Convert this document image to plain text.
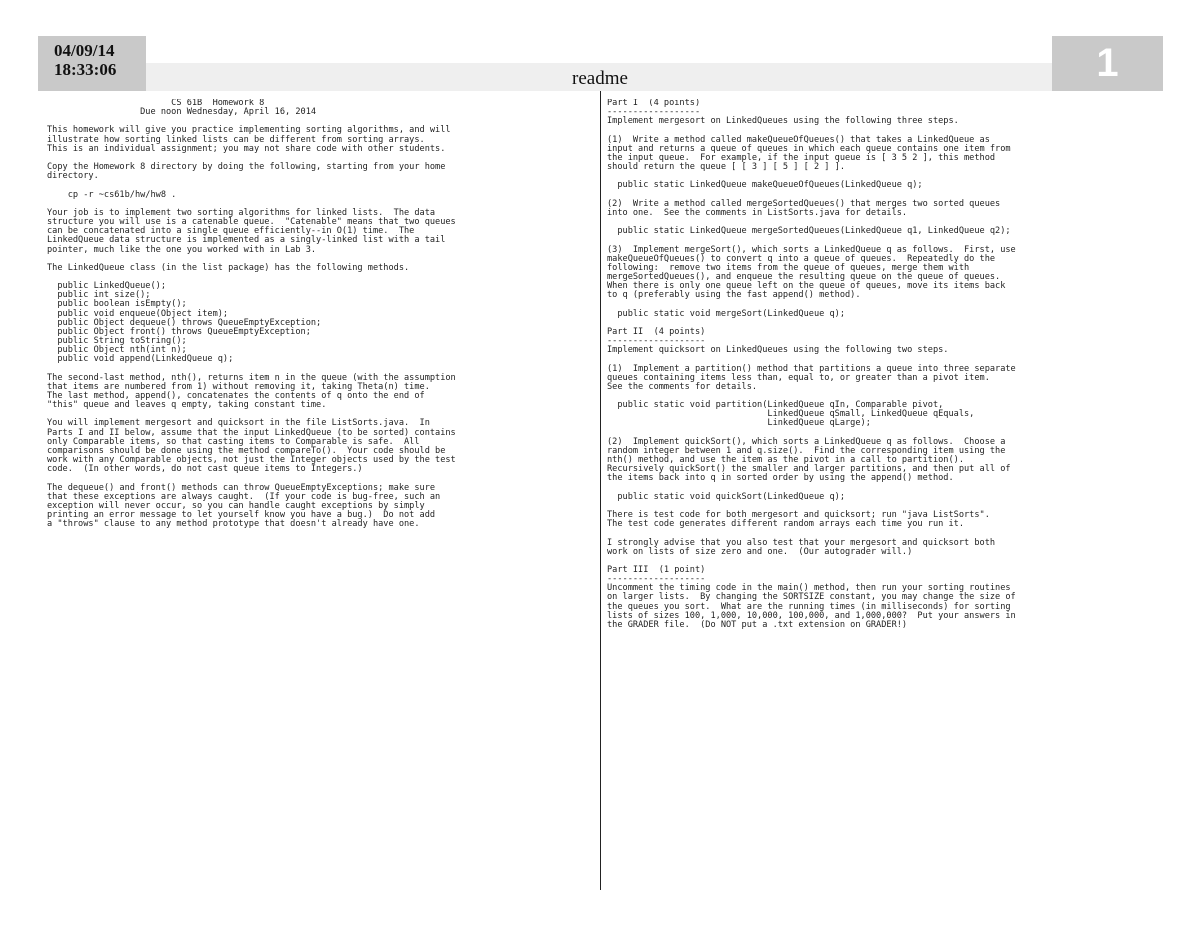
04/09/14
18:33:06	readme	1
CS 61B  Homework 8
Due noon Wednesday, April 16, 2014

This homework will give you practice implementing sorting algorithms, and will
illustrate how sorting linked lists can be different from sorting arrays.
This is an individual assignment; you may not share code with other students.

Copy the Homework 8 directory by doing the following, starting from your home
directory.

cp -r ~cs61b/hw/hw8 .

Your job is to implement two sorting algorithms for linked lists.  The data
structure you will use is a catenable queue.  "Catenable" means that two queues
can be concatenated into a single queue efficiently--in O(1) time.  The
LinkedQueue data structure is implemented as a singly-linked list with a tail
pointer, much like the one you worked with in Lab 3.

The LinkedQueue class (in the list package) has the following methods.

public LinkedQueue();
public int size();
public boolean isEmpty();
public void enqueue(Object item);
public Object dequeue() throws QueueEmptyException;
public Object front() throws QueueEmptyException;
public String toString();
public Object nth(int n);
public void append(LinkedQueue q);

The second-last method, nth(), returns item n in the queue (with the assumption
that items are numbered from 1) without removing it, taking Theta(n) time.
The last method, append(), concatenates the contents of q onto the end of
"this" queue and leaves q empty, taking constant time.

You will implement mergesort and quicksort in the file ListSorts.java.  In
Parts I and II below, assume that the input LinkedQueue (to be sorted) contains
only Comparable items, so that casting items to Comparable is safe.  All
comparisons should be done using the method compareTo().  Your code should be
work with any Comparable objects, not just the Integer objects used by the test
code.  (In other words, do not cast queue items to Integers.)

The dequeue() and front() methods can throw QueueEmptyExceptions; make sure
that these exceptions are always caught.  (If your code is bug-free, such an
exception will never occur, so you can handle caught exceptions by simply
printing an error message to let yourself know you have a bug.)  Do not add
a "throws" clause to any method prototype that doesn't already have one.
Part I  (4 points)
------------------
Implement mergesort on LinkedQueues using the following three steps.

(1)  Write a method called makeQueueOfQueues() that takes a LinkedQueue as
input and returns a queue of queues in which each queue contains one item from
the input queue.  For example, if the input queue is [ 3 5 2 ], this method
should return the queue [ [ 3 ] [ 5 ] [ 2 ] ].

public static LinkedQueue makeQueueOfQueues(LinkedQueue q);

(2)  Write a method called mergeSortedQueues() that merges two sorted queues
into one.  See the comments in ListSorts.java for details.

public static LinkedQueue mergeSortedQueues(LinkedQueue q1, LinkedQueue q2);

(3)  Implement mergeSort(), which sorts a LinkedQueue q as follows.  First, use
makeQueueOfQueues() to convert q into a queue of queues.  Repeatedly do the
following:  remove two items from the queue of queues, merge them with
mergeSortedQueues(), and enqueue the resulting queue on the queue of queues.
When there is only one queue left on the queue of queues, move its items back
to q (preferably using the fast append() method).

public static void mergeSort(LinkedQueue q);

Part II  (4 points)
-------------------
Implement quicksort on LinkedQueues using the following two steps.

(1)  Implement a partition() method that partitions a queue into three separate
queues containing items less than, equal to, or greater than a pivot item.
See the comments for details.

public static void partition(LinkedQueue qIn, Comparable pivot,
LinkedQueue qSmall, LinkedQueue qEquals,
LinkedQueue qLarge);

(2)  Implement quickSort(), which sorts a LinkedQueue q as follows.  Choose a
random integer between 1 and q.size().  Find the corresponding item using the
nth() method, and use the item as the pivot in a call to partition().
Recursively quickSort() the smaller and larger partitions, and then put all of
the items back into q in sorted order by using the append() method.

public static void quickSort(LinkedQueue q);

There is test code for both mergesort and quicksort; run "java ListSorts".
The test code generates different random arrays each time you run it.

I strongly advise that you also test that your mergesort and quicksort both
work on lists of size zero and one.  (Our autograder will.)

Part III  (1 point)
-------------------
Uncomment the timing code in the main() method, then run your sorting routines
on larger lists.  By changing the SORTSIZE constant, you may change the size of
the queues you sort.  What are the running times (in milliseconds) for sorting
lists of sizes 100, 1,000, 10,000, 100,000, and 1,000,000?  Put your answers in
the GRADER file.  (Do NOT put a .txt extension on GRADER!)
